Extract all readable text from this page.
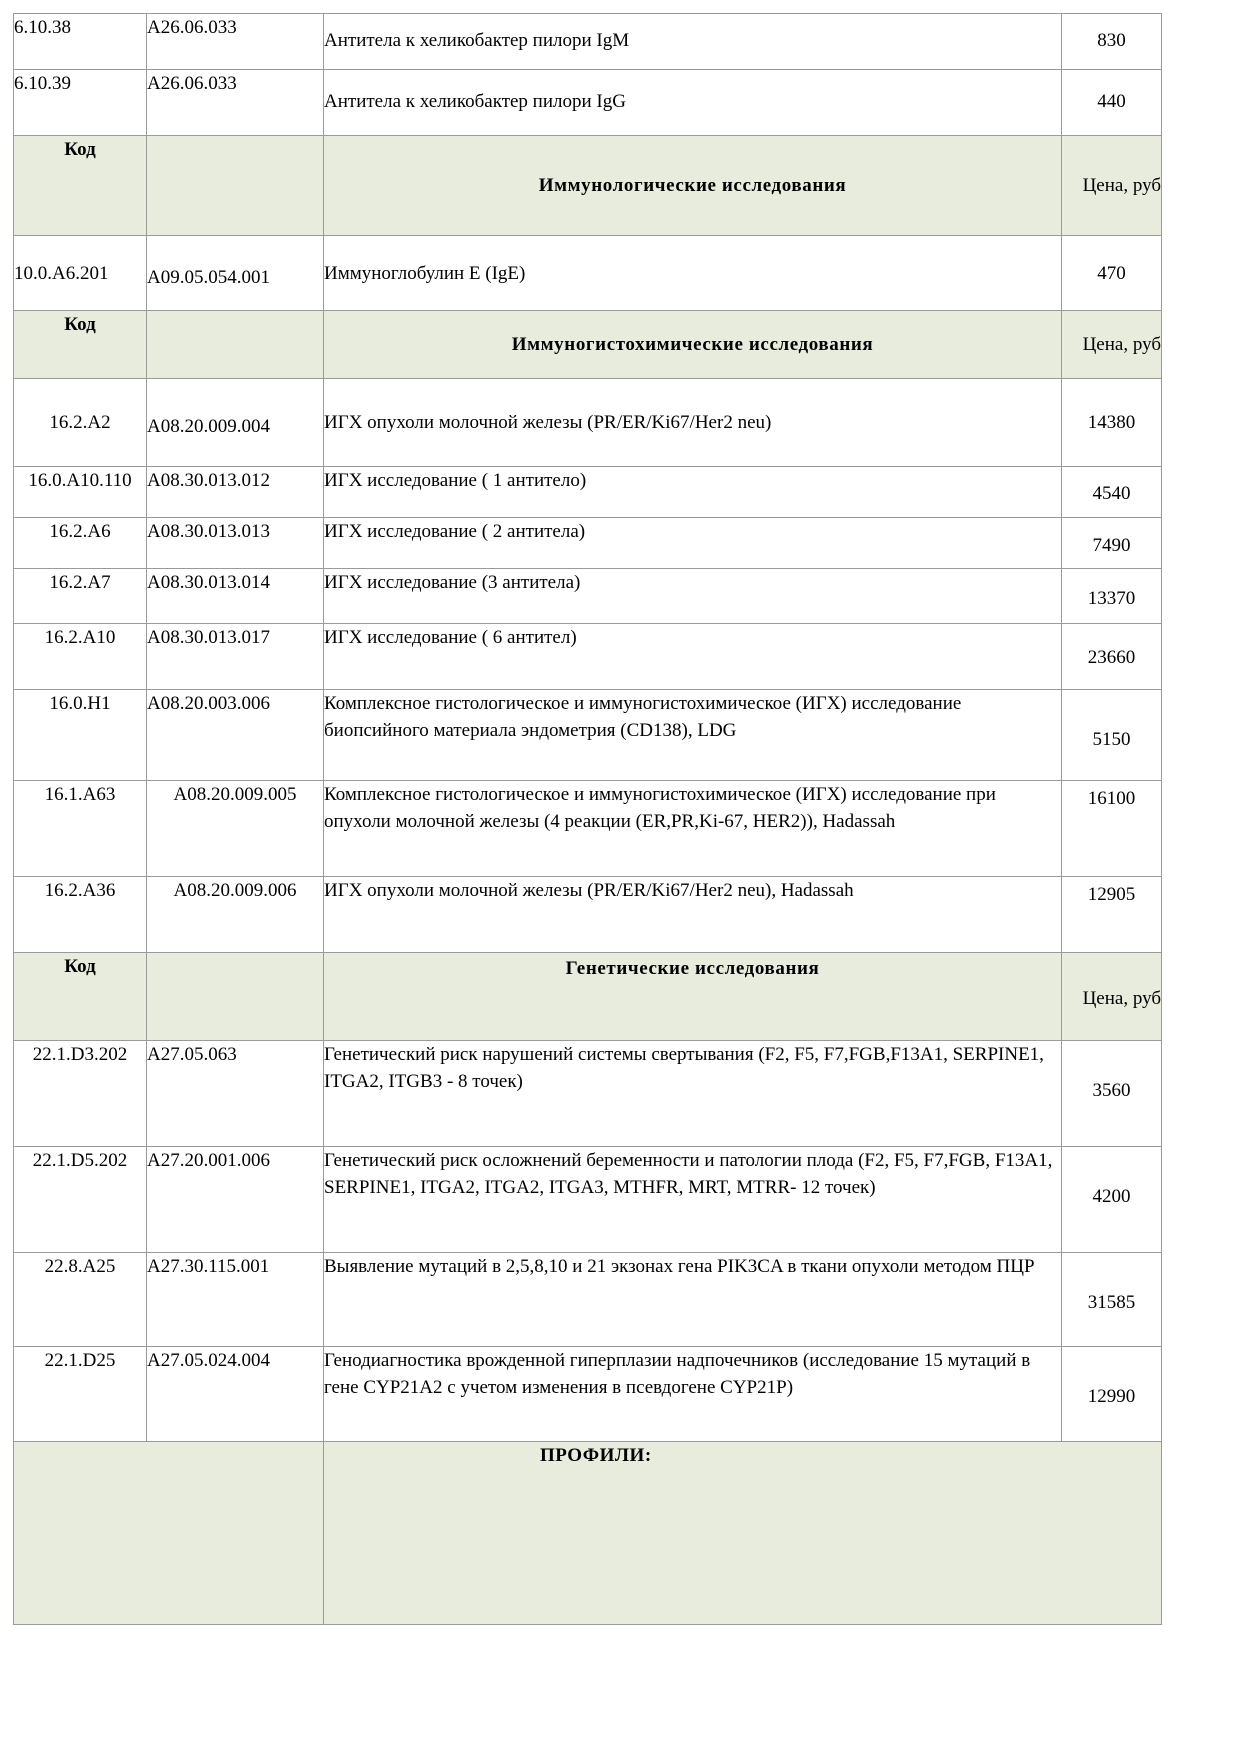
6.10.38	A26.06.033	Антитела к хеликобактер пилори IgM	830
6.10.39	A26.06.033	Антитела к хеликобактер пилори IgG	440
Код		Иммунологические исследования	Цена, руб
10.0.A6.201	A09.05.054.001	Иммуноглобулин E (IgE)	470
Код		Иммуногистохимические исследования	Цена, руб
16.2.A2	A08.20.009.004	ИГХ опухоли молочной железы (PR/ER/Ki67/Her2 neu)	14380
16.0.A10.110	A08.30.013.012	ИГХ исследование ( 1 антитело)	4540
16.2.A6	A08.30.013.013	ИГХ исследование ( 2 антитела)	7490
16.2.A7	A08.30.013.014	ИГХ исследование (3 антитела)	13370
16.2.A10	A08.30.013.017	ИГХ исследование ( 6 антител)	23660
16.0.H1	A08.20.003.006	Комплексное гистологическое и иммуногистохимическое (ИГХ) исследование биопсийного материала эндометрия (CD138), LDG	5150
16.1.A63	A08.20.009.005	Комплексное гистологическое и иммуногистохимическое (ИГХ) исследование при опухоли молочной железы (4 реакции (ER,PR,Ki-67, HER2)), Hadassah	16100
16.2.A36	A08.20.009.006	ИГХ опухоли молочной железы (PR/ER/Ki67/Her2 neu), Hadassah	12905
Код		Генетические исследования	Цена, руб
22.1.D3.202	A27.05.063	Генетический риск нарушений системы свертывания (F2, F5, F7,FGB,F13A1, SERPINE1, ITGA2, ITGB3 - 8 точек)	3560
22.1.D5.202	A27.20.001.006	Генетический риск осложнений беременности и патологии плода (F2, F5, F7,FGB, F13A1, SERPINE1, ITGA2, ITGA2, ITGA3, MTHFR, MRT, MTRR- 12 точек)	4200
22.8.A25	A27.30.115.001	Выявление мутаций в 2,5,8,10 и 21 экзонах гена PIK3CA в ткани опухоли методом ПЦР	31585
22.1.D25	A27.05.024.004	Генодиагностика врожденной гиперплазии надпочечников (исследование 15 мутаций в гене CYP21A2 с учетом изменения в псевдогене CYP21P)	12990
		ПРОФИЛИ:	
